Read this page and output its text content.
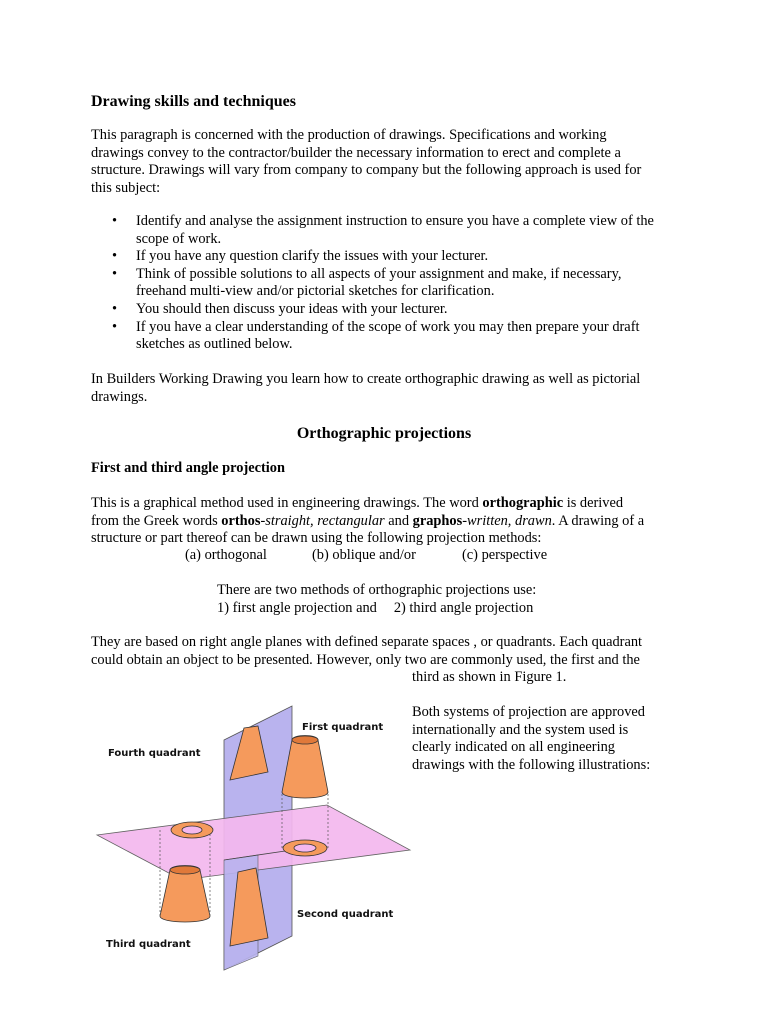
Drawing skills and techniques
This paragraph is concerned with the production of drawings. Specifications and working
drawings convey to the contractor/builder the necessary information to erect and complete a
structure. Drawings will vary from company to company but the following approach is used for
this subject:
• Identify and analyse the assignment instruction to ensure you have a complete view of the
scope of work.
• If you have any question clarify the issues with your lecturer.
• Think of possible solutions to all aspects of your assignment and make, if necessary,
freehand multi-view and/or pictorial sketches for clarification.
• You should then discuss your ideas with your lecturer.
• If you have a clear understanding of the scope of work you may then prepare your draft
sketches as outlined below.
In Builders Working Drawing you learn how to create orthographic drawing as well as pictorial
drawings.
Orthographic projections
First and third angle projection
This is a graphical method used in engineering drawings. The word orthographic is derived
from the Greek words orthos-straight, rectangular and graphos-written, drawn. A drawing of a
structure or part thereof can be drawn using the following projection methods:
(a) orthogonal	(b) oblique and/or	(c) perspective
There are two methods of orthographic projections use:
1) first angle projection and 2) third angle projection
They are based on right angle planes with defined separate spaces , or quadrants. Each quadrant
could obtain an object to be presented. However, only two are commonly used, the first and the
third as shown in Figure 1.
Both systems of projection are approved
internationally and the system used is
clearly indicated on all engineering
drawings with the following illustrations:
First quadrant
Second quadrant
Third quadrant
Fourth quadrant
